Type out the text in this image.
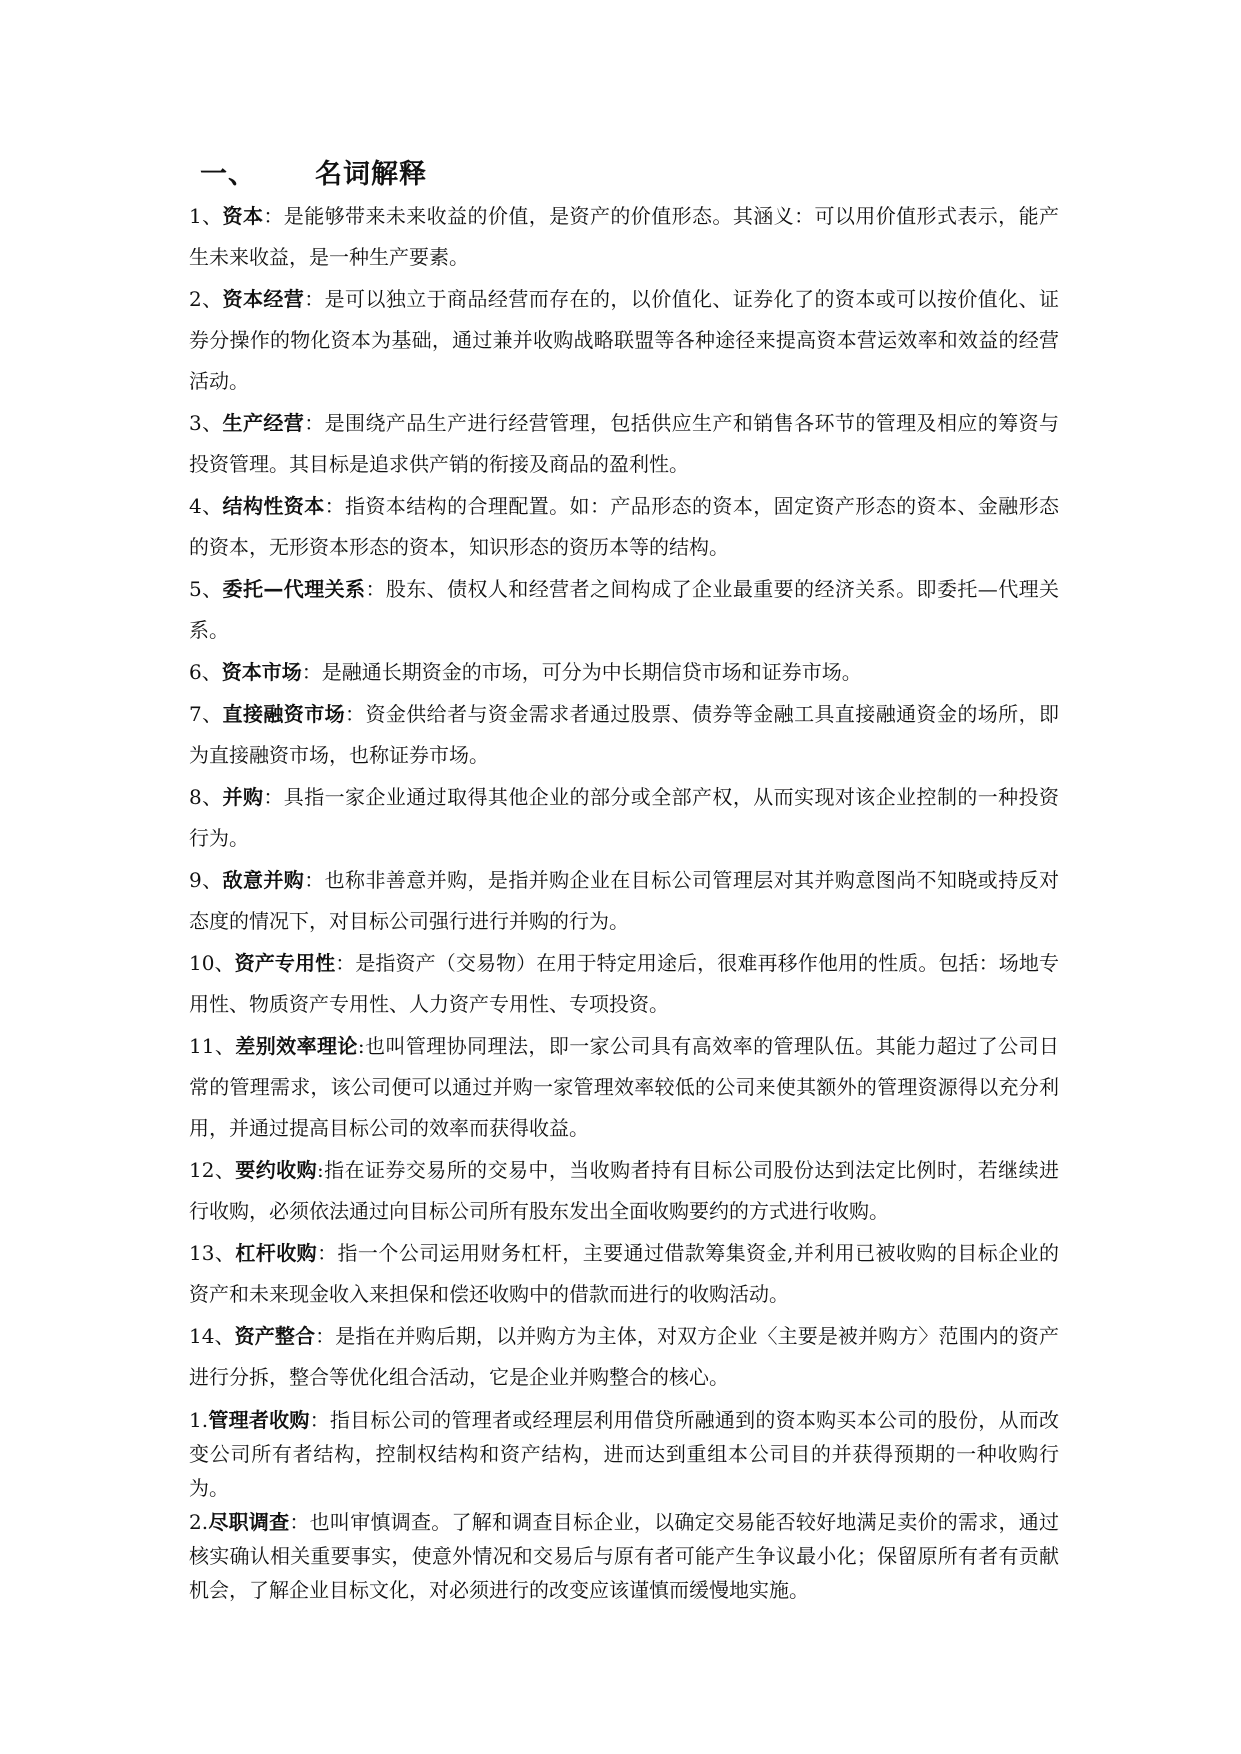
一、 名词解释

1、资本：是能够带来未来收益的价值，是资产的价值形态。其涵义：可以用价值形式表示，能产生未来收益，是一种生产要素。

2、资本经营：是可以独立于商品经营而存在的，以价值化、证券化了的资本或可以按价值化、证券分操作的物化资本为基础，通过兼并收购战略联盟等各种途径来提高资本营运效率和效益的经营活动。

3、生产经营：是围绕产品生产进行经营管理，包括供应生产和销售各环节的管理及相应的筹资与投资管理。其目标是追求供产销的衔接及商品的盈利性。

4、结构性资本：指资本结构的合理配置。如：产品形态的资本，固定资产形态的资本、金融形态的资本，无形资本形态的资本，知识形态的资历本等的结构。

5、委托—代理关系：股东、债权人和经营者之间构成了企业最重要的经济关系。即委托—代理关系。

6、资本市场：是融通长期资金的市场，可分为中长期信贷市场和证券市场。

7、直接融资市场：资金供给者与资金需求者通过股票、债券等金融工具直接融通资金的场所，即为直接融资市场，也称证券市场。

8、并购：具指一家企业通过取得其他企业的部分或全部产权，从而实现对该企业控制的一种投资行为。

9、敌意并购：也称非善意并购，是指并购企业在目标公司管理层对其并购意图尚不知晓或持反对态度的情况下，对目标公司强行进行并购的行为。

10、资产专用性：是指资产（交易物）在用于特定用途后，很难再移作他用的性质。包括：场地专用性、物质资产专用性、人力资产专用性、专项投资。

11、差别效率理论:也叫管理协同理法，即一家公司具有高效率的管理队伍。其能力超过了公司日常的管理需求，该公司便可以通过并购一家管理效率较低的公司来使其额外的管理资源得以充分利用，并通过提高目标公司的效率而获得收益。

12、要约收购:指在证券交易所的交易中，当收购者持有目标公司股份达到法定比例时，若继续进行收购，必须依法通过向目标公司所有股东发出全面收购要约的方式进行收购。

13、杠杆收购：指一个公司运用财务杠杆，主要通过借款筹集资金,并利用已被收购的目标企业的资产和未来现金收入来担保和偿还收购中的借款而进行的收购活动。

14、资产整合：是指在并购后期，以并购方为主体，对双方企业〈主要是被并购方〉范围内的资产进行分拆，整合等优化组合活动，它是企业并购整合的核心。

1.管理者收购：指目标公司的管理者或经理层利用借贷所融通到的资本购买本公司的股份，从而改变公司所有者结构，控制权结构和资产结构，进而达到重组本公司目的并获得预期的一种收购行为。

2.尽职调查：也叫审慎调查。了解和调查目标企业，以确定交易能否较好地满足卖价的需求，通过核实确认相关重要事实，使意外情况和交易后与原有者可能产生争议最小化；保留原所有者有贡献机会，了解企业目标文化，对必须进行的改变应该谨慎而缓慢地实施。
